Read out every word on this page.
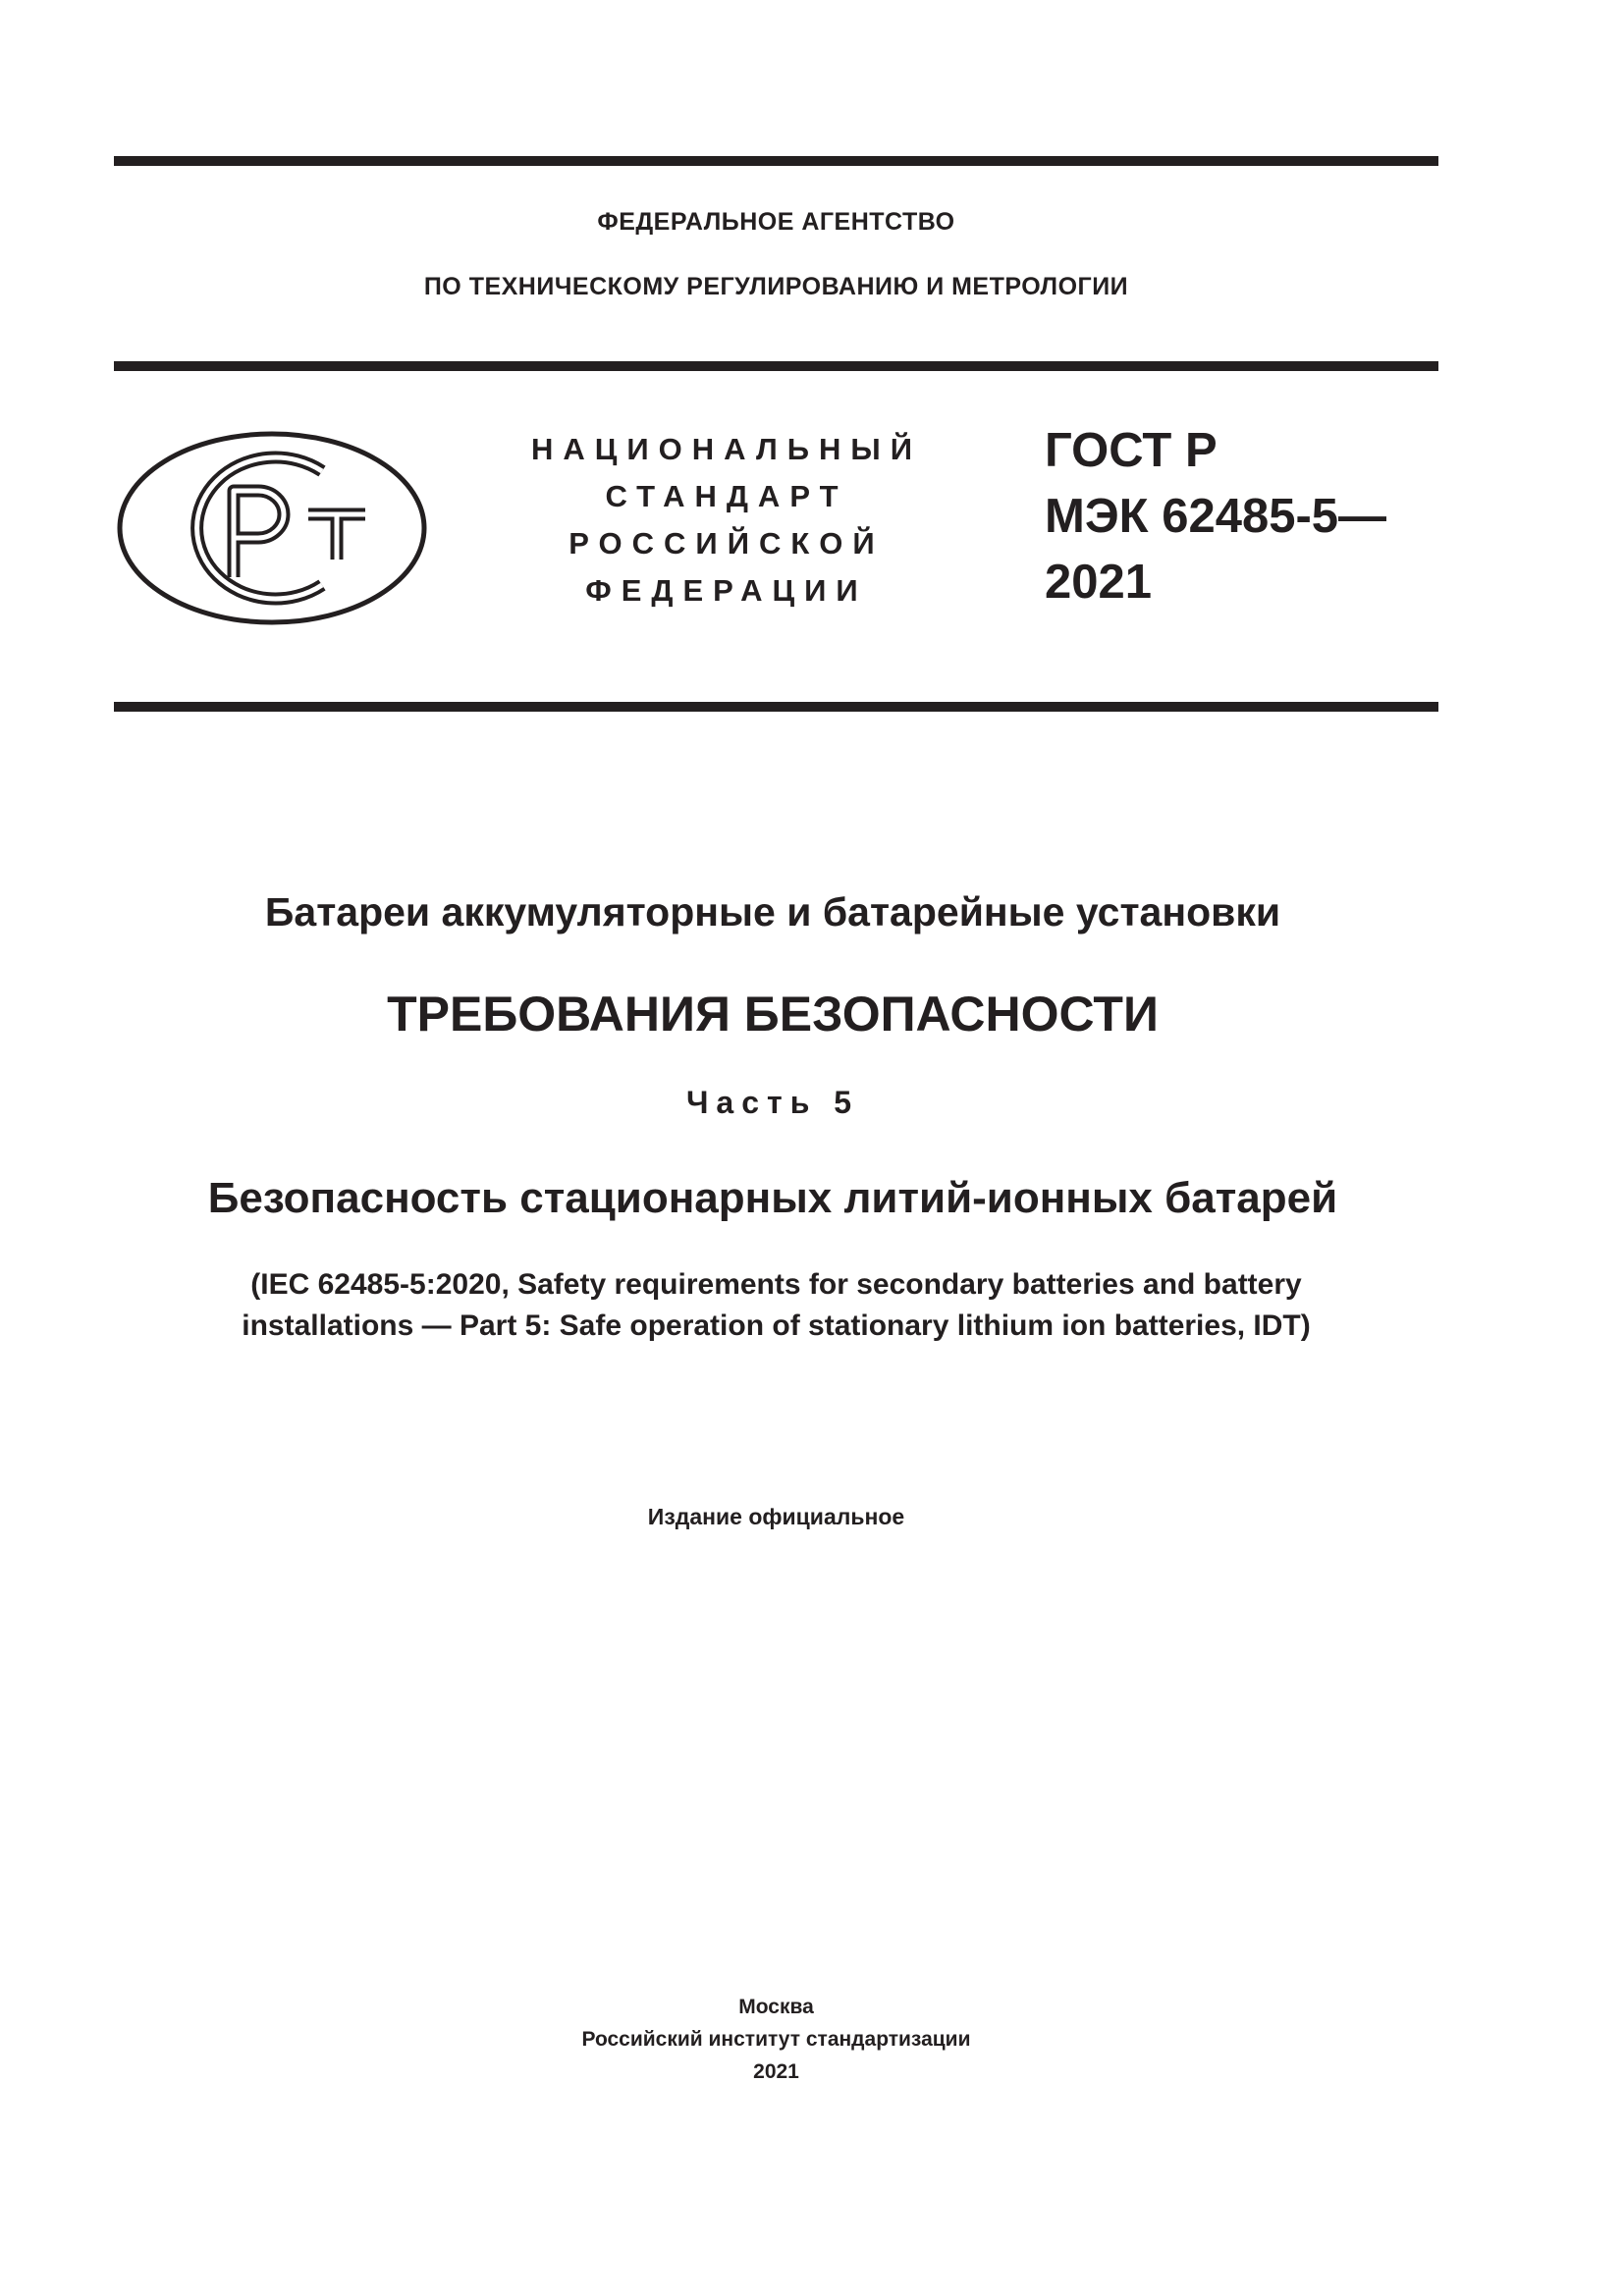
ФЕДЕРАЛЬНОЕ АГЕНТСТВО
ПО ТЕХНИЧЕСКОМУ РЕГУЛИРОВАНИЮ И МЕТРОЛОГИИ
НАЦИОНАЛЬНЫЙ
СТАНДАРТ
РОССИЙСКОЙ
ФЕДЕРАЦИИ
ГОСТ Р
МЭК 62485-5—
2021
Батареи аккумуляторные и батарейные установки
ТРЕБОВАНИЯ БЕЗОПАСНОСТИ
Часть 5
Безопасность стационарных литий-ионных батарей
(IEC 62485-5:2020, Safety requirements for secondary batteries and battery
installations — Part 5: Safe operation of stationary lithium ion batteries, IDT)
Издание официальное
Москва
Российский институт стандартизации
2021
